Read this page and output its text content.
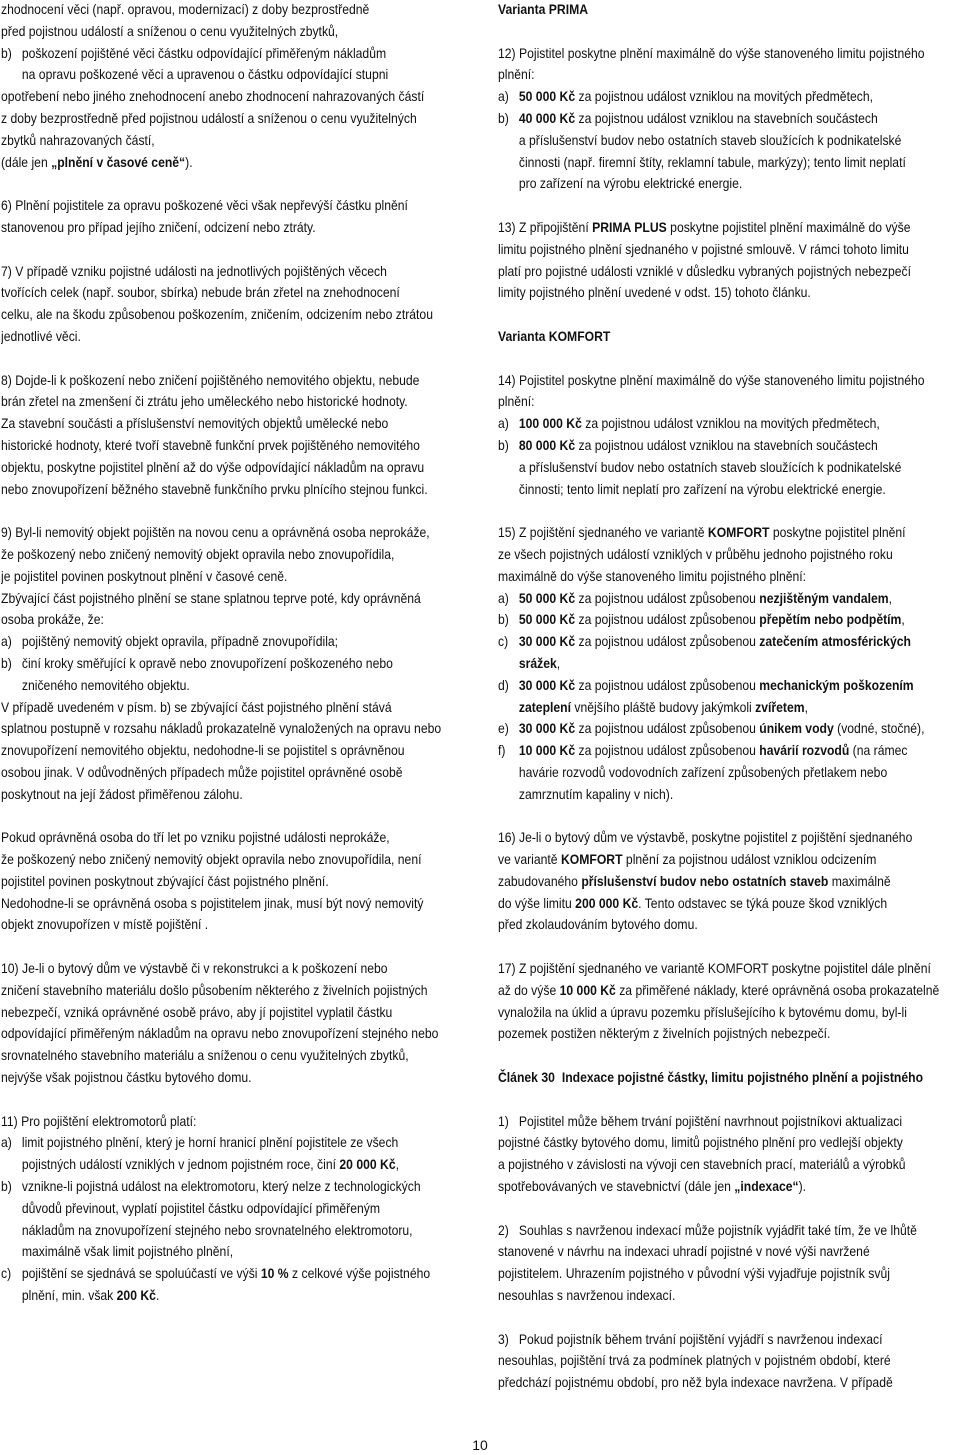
zhodnocení věci (např. opravou, modernizací) z doby bezprostředně
před pojistnou událostí a sníženou o cenu využitelných zbytků,
b) poškození pojištěné věci částku odpovídající přiměřeným nákladům
na opravu poškozené věci a upravenou o částku odpovídající stupni
opotřebení nebo jiného znehodnocení anebo zhodnocení nahrazovaných částí
z doby bezprostředně před pojistnou událostí a sníženou o cenu využitelných
zbytků nahrazovaných částí,
(dále jen „plnění v časové ceně“).
6) Plnění pojistitele za opravu poškozené věci však nepřevýší částku plnění
stanovenou pro případ jejího zničení, odcizení nebo ztráty.
7) V případě vzniku pojistné události na jednotlivých pojištěných věcech
tvořících celek (např. soubor, sbírka) nebude brán zřetel na znehodnocení
celku, ale na škodu způsobenou poškozením, zničením, odcizením nebo ztrátou
jednotlivé věci.
8) Dojde-li k poškození nebo zničení pojištěného nemovitého objektu, nebude
brán zřetel na zmenšení či ztrátu jeho uměleckého nebo historické hodnoty.
Za stavební součásti a příslušenství nemovitých objektů umělecké nebo
historické hodnoty, které tvoří stavebně funkční prvek pojištěného nemovitého
objektu, poskytne pojistitel plnění až do výše odpovídající nákladům na opravu
nebo znovupořízení běžného stavebně funkčního prvku plnícího stejnou funkci.
9) Byl-li nemovitý objekt pojištěn na novou cenu a oprávněná osoba neprokáže,
že poškozený nebo zničený nemovitý objekt opravila nebo znovupořídila,
je pojistitel povinen poskytnout plnění v časové ceně.
Zbývající část pojistného plnění se stane splatnou teprve poté, kdy oprávněná
osoba prokáže, že:
a) pojištěný nemovitý objekt opravila, případně znovupořídila;
b) činí kroky směřující k opravě nebo znovupořízení poškozeného nebo
zničeného nemovitého objektu.
V případě uvedeném v písm. b) se zbývající část pojistného plnění stává
splatnou postupně v rozsahu nákladů prokazatelně vynaložených na opravu nebo
znovupořízení nemovitého objektu, nedohodne-li se pojistitel s oprávněnou
osobou jinak. V odůvodněných případech může pojistitel oprávněné osobě
poskytnout na její žádost přiměřenou zálohu.
Pokud oprávněná osoba do tří let po vzniku pojistné události neprokáže,
že poškozený nebo zničený nemovitý objekt opravila nebo znovupořídila, není
pojistitel povinen poskytnout zbývající část pojistného plnění.
Nedohodne-li se oprávněná osoba s pojistitelem jinak, musí být nový nemovitý
objekt znovupořízen v místě pojištění .
10) Je-li o bytový dům ve výstavbě či v rekonstrukci a k poškození nebo
zničení stavebního materiálu došlo působením některého z živelních pojistných
nebezpečí, vzniká oprávněné osobě právo, aby jí pojistitel vyplatil částku
odpovídající přiměřeným nákladům na opravu nebo znovupořízení stejného nebo
srovnatelného stavebního materiálu a sníženou o cenu využitelných zbytků,
nejvýše však pojistnou částku bytového domu.
11) Pro pojištění elektromotorů platí:
a) limit pojistného plnění, který je horní hranicí plnění pojistitele ze všech
pojistných událostí vzniklých v jednom pojistném roce, činí 20 000 Kč,
b) vznikne-li pojistná událost na elektromotoru, který nelze z technologických
důvodů převinout, vyplatí pojistitel částku odpovídající přiměřeným
nákladům na znovupořízení stejného nebo srovnatelného elektromotoru,
maximálně však limit pojistného plnění,
c) pojištění se sjednává se spoluúčastí ve výši 10 % z celkové výše pojistného
plnění, min. však 200 Kč.
Varianta PRIMA
12) Pojistitel poskytne plnění maximálně do výše stanoveného limitu pojistného
plnění:
a) 50 000 Kč za pojistnou událost vzniklou na movitých předmětech,
b) 40 000 Kč za pojistnou událost vzniklou na stavebních součástech
a příslušenství budov nebo ostatních staveb sloužících k podnikatelské
činnosti (např. firemní štíty, reklamní tabule, markýzy); tento limit neplatí
pro zařízení na výrobu elektrické energie.
13) Z připojištění PRIMA PLUS poskytne pojistitel plnění maximálně do výše
limitu pojistného plnění sjednaného v pojistné smlouvě. V rámci tohoto limitu
platí pro pojistné události vzniklé v důsledku vybraných pojistných nebezpečí
limity pojistného plnění uvedené v odst. 15) tohoto článku.
Varianta KOMFORT
14) Pojistitel poskytne plnění maximálně do výše stanoveného limitu pojistného
plnění:
a) 100 000 Kč za pojistnou událost vzniklou na movitých předmětech,
b) 80 000 Kč za pojistnou událost vzniklou na stavebních součástech
a příslušenství budov nebo ostatních staveb sloužících k podnikatelské
činnosti; tento limit neplatí pro zařízení na výrobu elektrické energie.
15) Z pojištění sjednaného ve variantě KOMFORT poskytne pojistitel plnění
ze všech pojistných událostí vzniklých v průběhu jednoho pojistného roku
maximálně do výše stanoveného limitu pojistného plnění:
a) 50 000 Kč za pojistnou událost způsobenou nezjištěným vandalem,
b) 50 000 Kč za pojistnou událost způsobenou přepětím nebo podpětím,
c) 30 000 Kč za pojistnou událost způsobenou zatečením atmosférických
srážek,
d) 30 000 Kč za pojistnou událost způsobenou mechanickým poškozením
zateplení vnějšího pláště budovy jakýmkoli zvířetem,
e) 30 000 Kč za pojistnou událost způsobenou únikem vody (vodné, stočné),
f) 10 000 Kč za pojistnou událost způsobenou havárií rozvodů (na rámec
havárie rozvodů vodovodních zařízení způsobených přetlakem nebo
zamrznutím kapaliny v nich).
16) Je-li o bytový dům ve výstavbě, poskytne pojistitel z pojištění sjednaného
ve variantě KOMFORT plnění za pojistnou událost vzniklou odcizením
zabudovaného příslušenství budov nebo ostatních staveb maximálně
do výše limitu 200 000 Kč. Tento odstavec se týká pouze škod vzniklých
před zkolaudováním bytového domu.
17) Z pojištění sjednaného ve variantě KOMFORT poskytne pojistitel dále plnění
až do výše 10 000 Kč za přiměřené náklady, které oprávněná osoba prokazatelně
vynaložila na úklid a úpravu pozemku příslušejícího k bytovému domu, byl-li
pozemek postižen některým z živelních pojistných nebezpečí.
Článek 30 Indexace pojistné částky, limitu pojistného plnění a pojistného
1) Pojistitel může během trvání pojištění navrhnout pojistníkovi aktualizaci
pojistné částky bytového domu, limitů pojistného plnění pro vedlejší objekty
a pojistného v závislosti na vývoji cen stavebních prací, materiálů a výrobků
spotřebovávaných ve stavebnictví (dále jen „indexace“).
2) Souhlas s navrženou indexací může pojistník vyjádřit také tím, že ve lhůtě
stanovené v návrhu na indexaci uhradí pojistné v nové výši navržené
pojistitelem. Uhrazením pojistného v původní výši vyjadřuje pojistník svůj
nesouhlas s navrženou indexací.
3) Pokud pojistník během trvání pojištění vyjádří s navrženou indexací
nesouhlas, pojištění trvá za podmínek platných v pojistném období, které
předchází pojistnému období, pro něž byla indexace navržena. V případě
10
